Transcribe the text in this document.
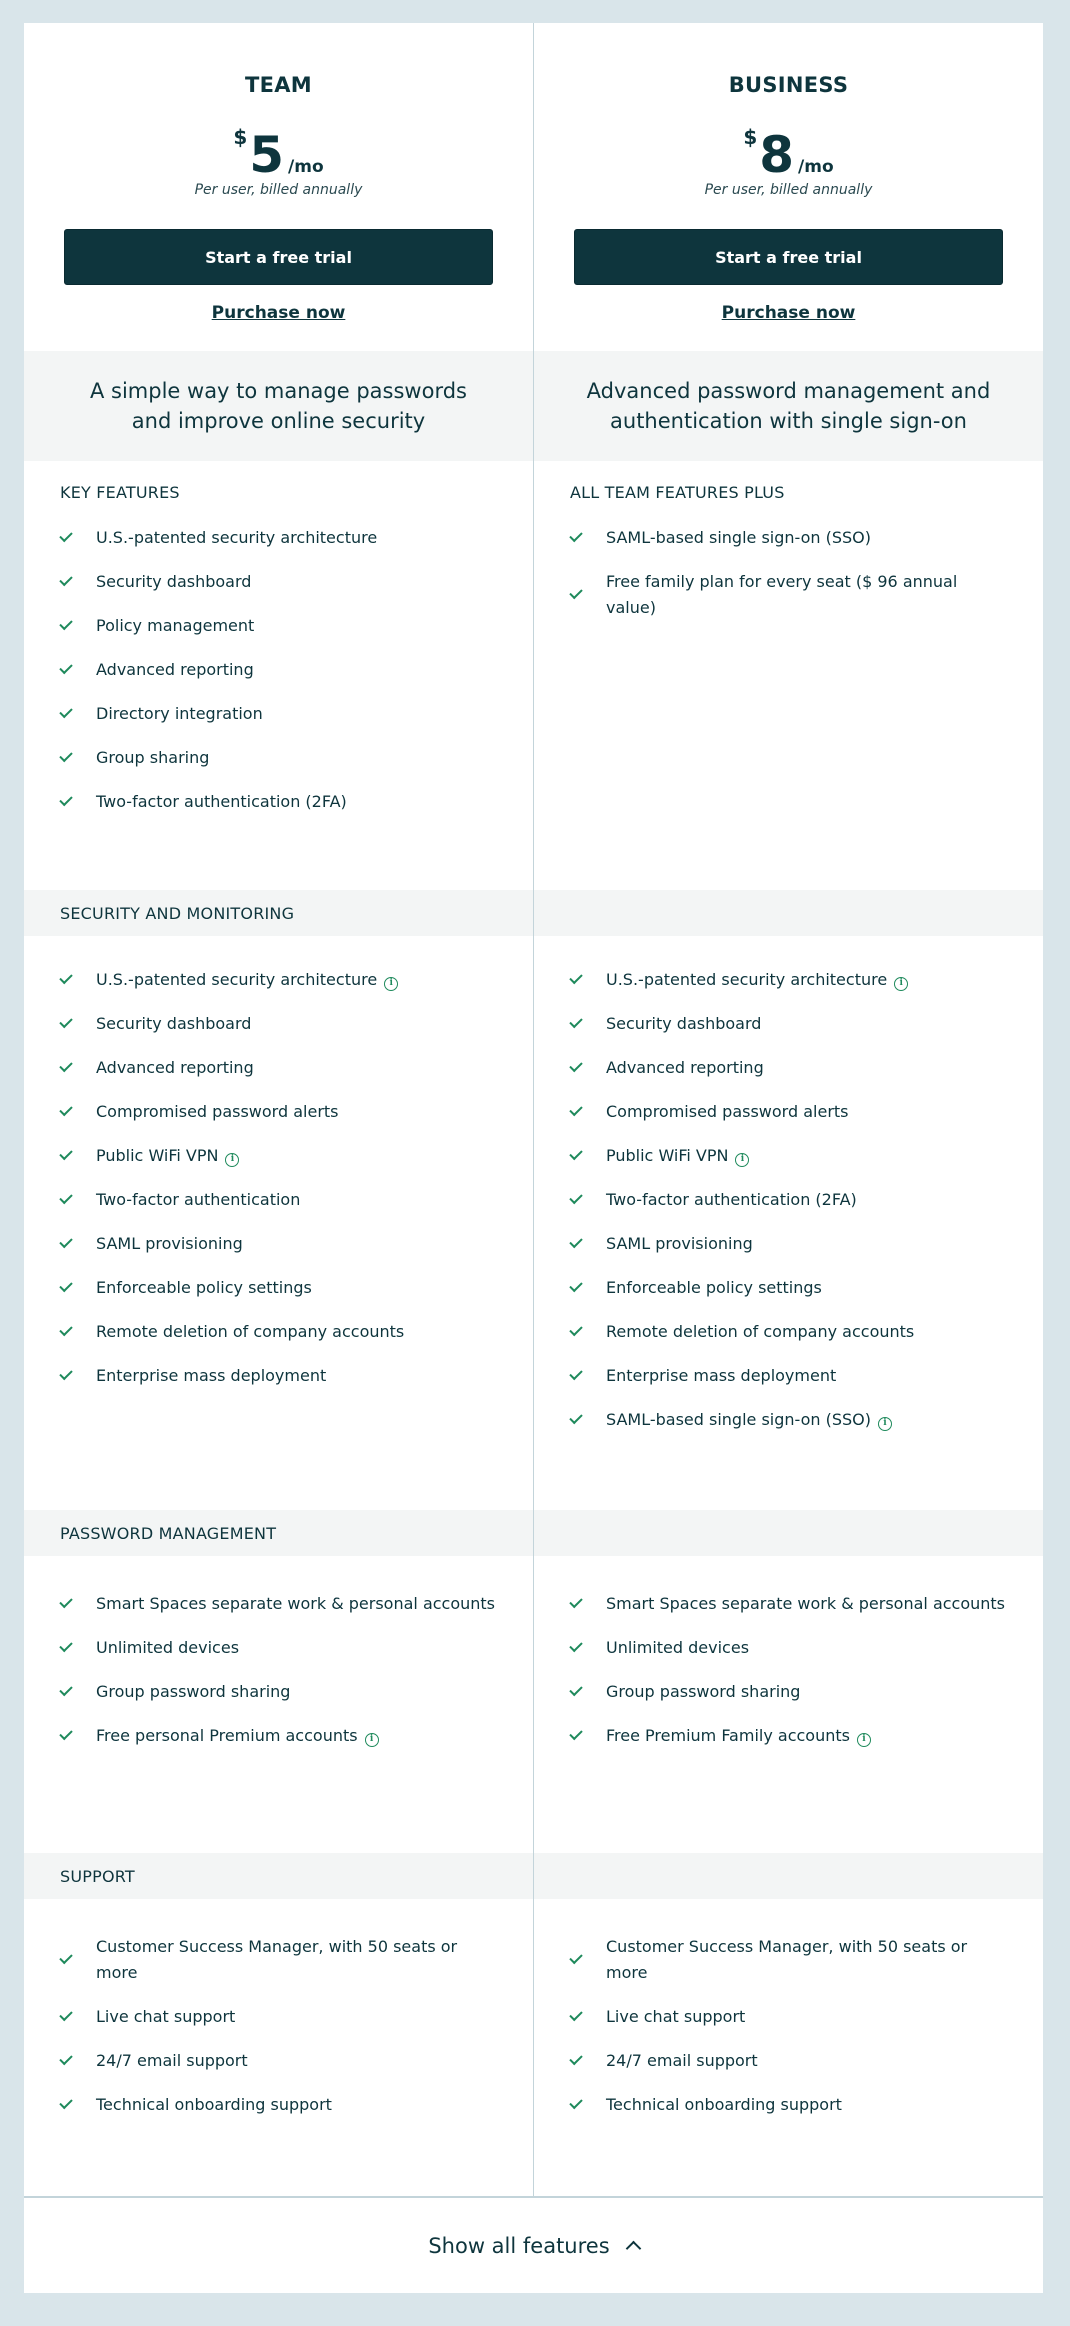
TEAM
$5 /mo
Per user, billed annually
Start a free trial
Purchase now
A simple way to manage passwords and improve online security
KEY FEATURES
U.S.-patented security architecture
Security dashboard
Policy management
Advanced reporting
Directory integration
Group sharing
Two-factor authentication (2FA)
SECURITY AND MONITORING
U.S.-patented security architecture i
Security dashboard
Advanced reporting
Compromised password alerts
Public WiFi VPN i
Two-factor authentication
SAML provisioning
Enforceable policy settings
Remote deletion of company accounts
Enterprise mass deployment
PASSWORD MANAGEMENT
Smart Spaces separate work & personal accounts
Unlimited devices
Group password sharing
Free personal Premium accounts i
SUPPORT
Customer Success Manager, with 50 seats or more
Live chat support
24/7 email support
Technical onboarding support
BUSINESS
$8 /mo
Per user, billed annually
Start a free trial
Purchase now
Advanced password management and authentication with single sign-on
ALL TEAM FEATURES PLUS
SAML-based single sign-on (SSO)
Free family plan for every seat ($ 96 annual value)
U.S.-patented security architecture i
Security dashboard
Advanced reporting
Compromised password alerts
Public WiFi VPN i
Two-factor authentication (2FA)
SAML provisioning
Enforceable policy settings
Remote deletion of company accounts
Enterprise mass deployment
SAML-based single sign-on (SSO) i
Smart Spaces separate work & personal accounts
Unlimited devices
Group password sharing
Free Premium Family accounts i
Customer Success Manager, with 50 seats or more
Live chat support
24/7 email support
Technical onboarding support
Show all features
